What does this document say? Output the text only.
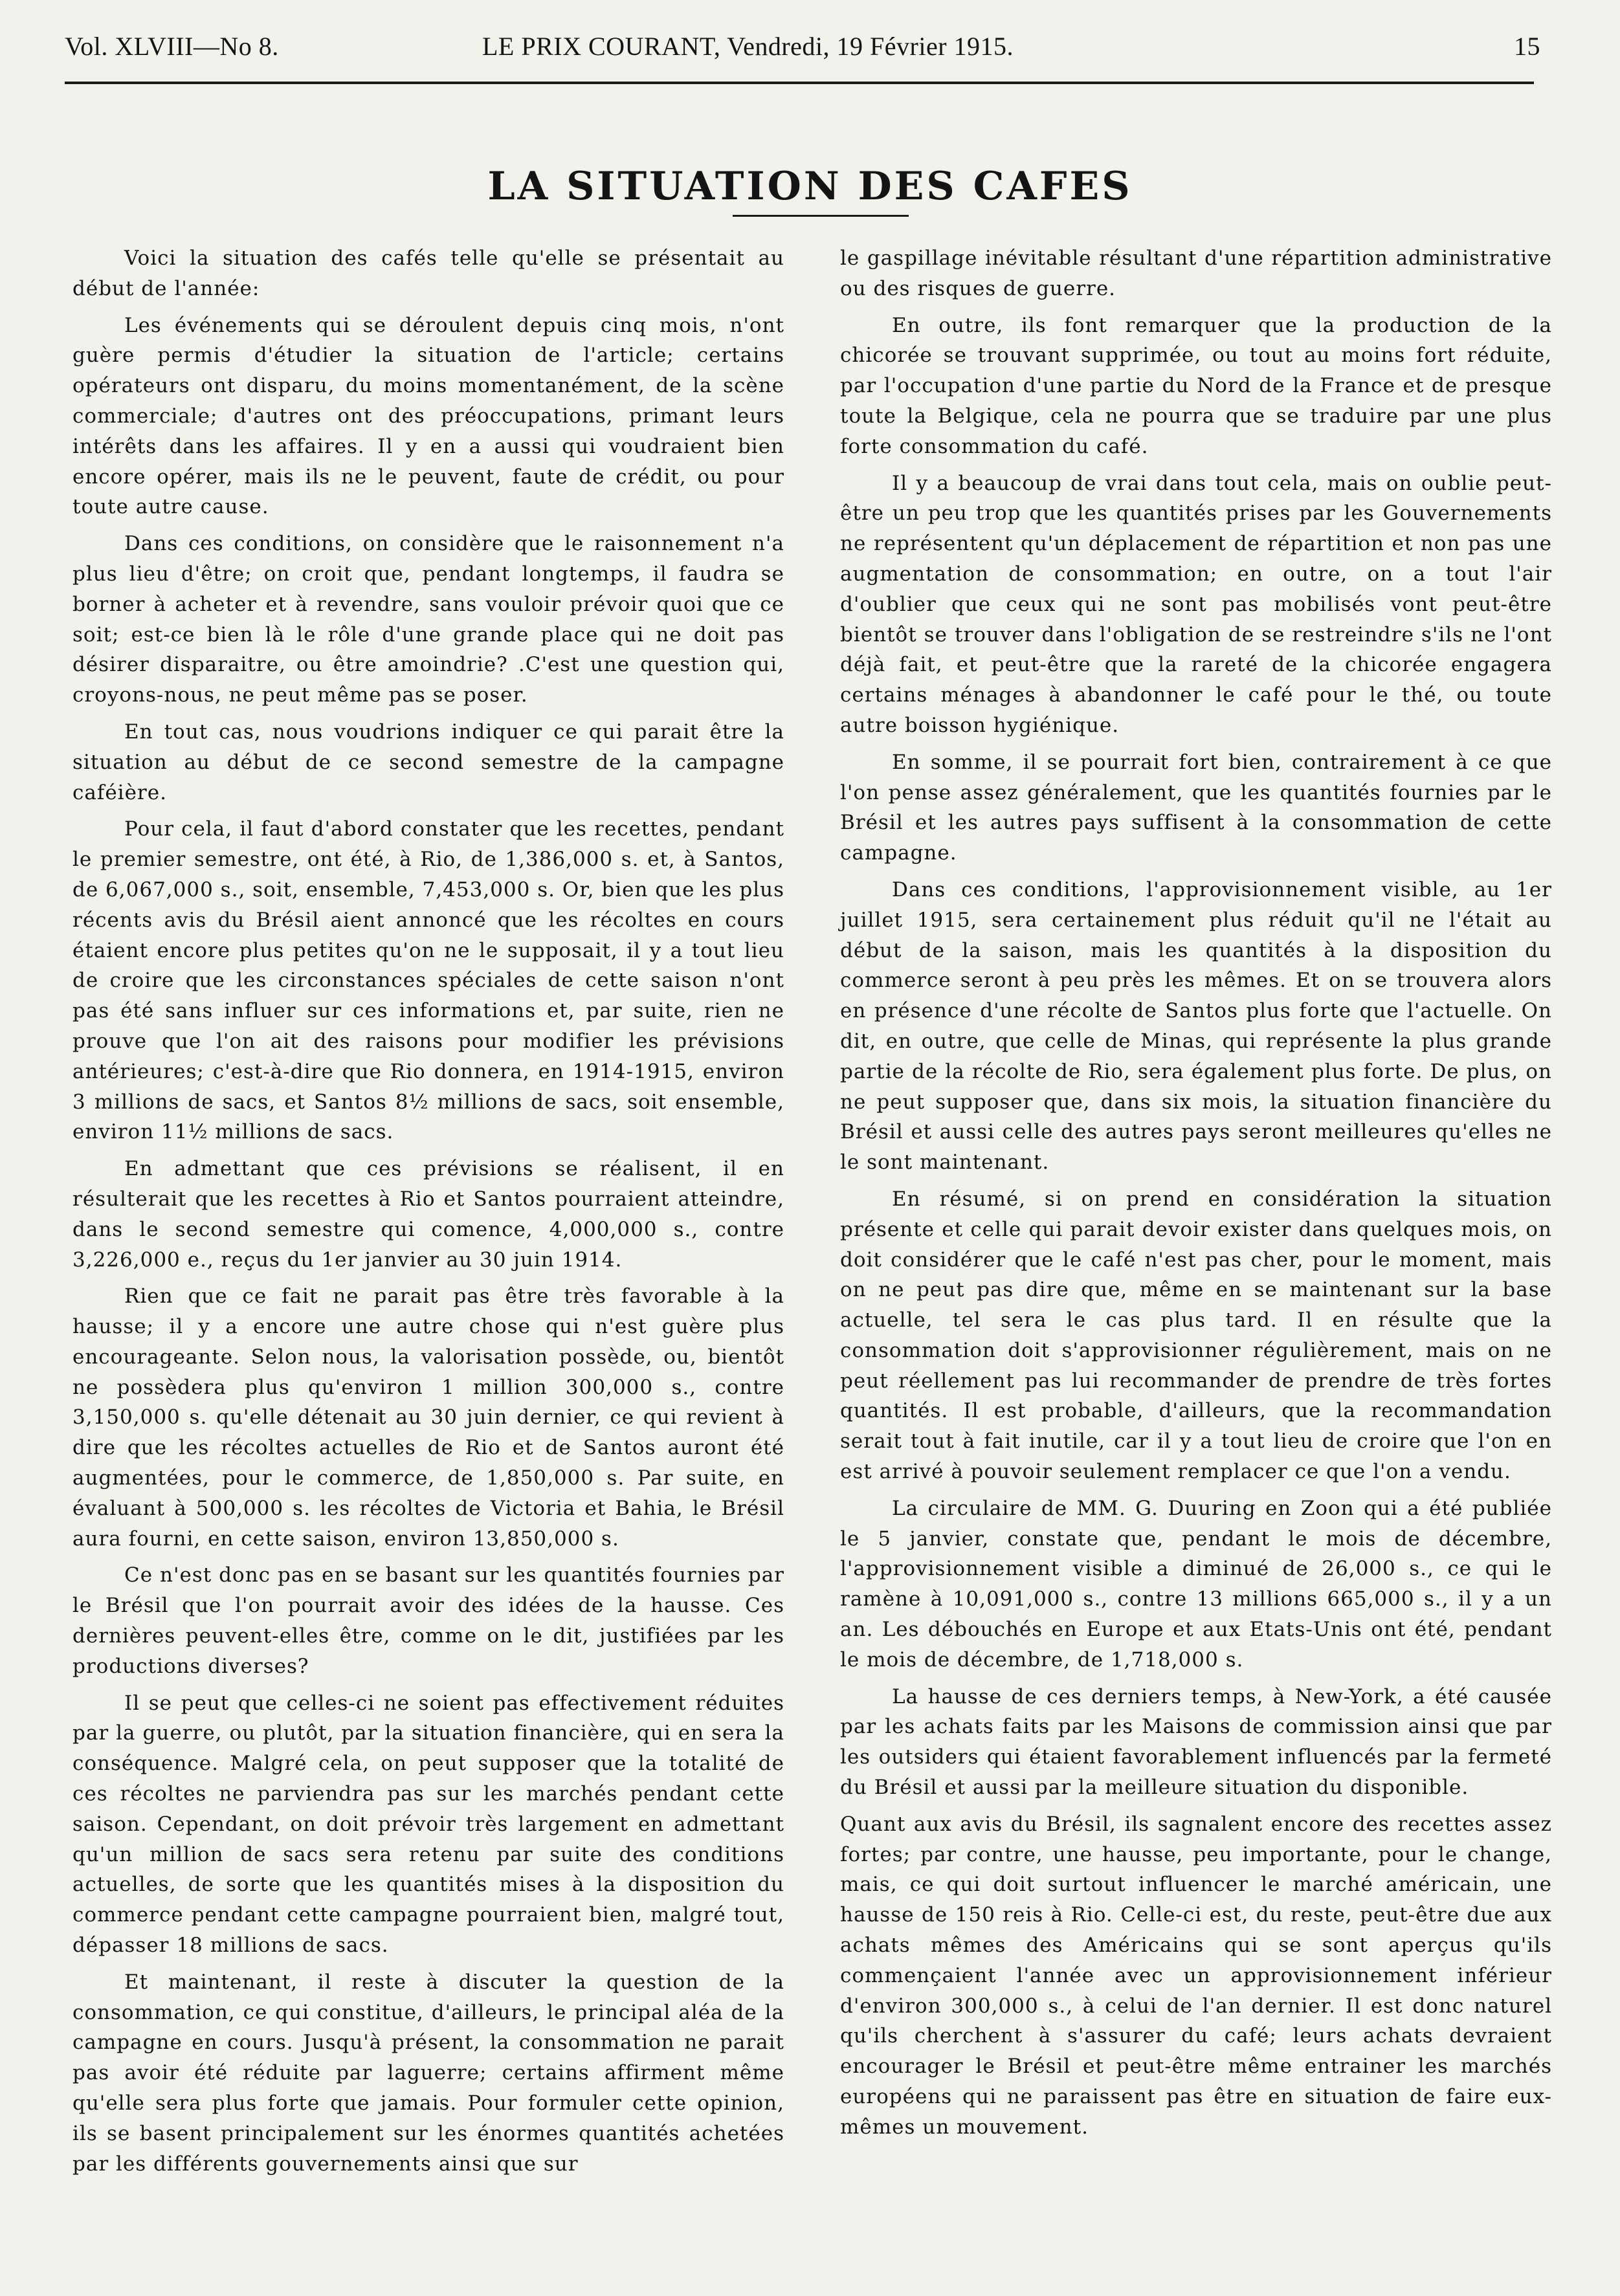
Vol. XLVIII—No 8.	LE PRIX COURANT, Vendredi, 19 Février 1915.	15
LA SITUATION DES CAFES

Voici la situation des cafés telle qu'elle se présentait au début de l'année:

Les événements qui se déroulent depuis cinq mois, n'ont guère permis d'étudier la situation de l'article; certains opérateurs ont disparu, du moins momentanément, de la scène commerciale; d'autres ont des préoccupations, primant leurs intérêts dans les affaires. Il y en a aussi qui voudraient bien encore opérer, mais ils ne le peuvent, faute de crédit, ou pour toute autre cause.

Dans ces conditions, on considère que le raisonnement n'a plus lieu d'être; on croit que, pendant longtemps, il faudra se borner à acheter et à revendre, sans vouloir prévoir quoi que ce soit; est-ce bien là le rôle d'une grande place qui ne doit pas désirer disparaitre, ou être amoindrie? .C'est une question qui, croyons-nous, ne peut même pas se poser.

En tout cas, nous voudrions indiquer ce qui parait être la situation au début de ce second semestre de la campagne caféière.

Pour cela, il faut d'abord constater que les recettes, pendant le premier semestre, ont été, à Rio, de 1,386,000 s. et, à Santos, de 6,067,000 s., soit, ensemble, 7,453,000 s. Or, bien que les plus récents avis du Brésil aient annoncé que les récoltes en cours étaient encore plus petites qu'on ne le supposait, il y a tout lieu de croire que les circonstances spéciales de cette saison n'ont pas été sans influer sur ces informations et, par suite, rien ne prouve que l'on ait des raisons pour modifier les prévisions antérieures; c'est-à-dire que Rio donnera, en 1914-1915, environ 3 millions de sacs, et Santos 8½ millions de sacs, soit ensemble, environ 11½ millions de sacs.

En admettant que ces prévisions se réalisent, il en résulterait que les recettes à Rio et Santos pourraient atteindre, dans le second semestre qui comence, 4,000,000 s., contre 3,226,000 e., reçus du 1er janvier au 30 juin 1914.

Rien que ce fait ne parait pas être très favorable à la hausse; il y a encore une autre chose qui n'est guère plus encourageante. Selon nous, la valorisation possède, ou, bientôt ne possèdera plus qu'environ 1 million 300,000 s., contre 3,150,000 s. qu'elle détenait au 30 juin dernier, ce qui revient à dire que les récoltes actuelles de Rio et de Santos auront été augmentées, pour le commerce, de 1,850,000 s. Par suite, en évaluant à 500,000 s. les récoltes de Victoria et Bahia, le Brésil aura fourni, en cette saison, environ 13,850,000 s.

Ce n'est donc pas en se basant sur les quantités fournies par le Brésil que l'on pourrait avoir des idées de la hausse. Ces dernières peuvent-elles être, comme on le dit, justifiées par les productions diverses?

Il se peut que celles-ci ne soient pas effectivement réduites par la guerre, ou plutôt, par la situation financière, qui en sera la conséquence. Malgré cela, on peut supposer que la totalité de ces récoltes ne parviendra pas sur les marchés pendant cette saison. Cependant, on doit prévoir très largement en admettant qu'un million de sacs sera retenu par suite des conditions actuelles, de sorte que les quantités mises à la disposition du commerce pendant cette campagne pourraient bien, malgré tout, dépasser 18 millions de sacs.

Et maintenant, il reste à discuter la question de la consommation, ce qui constitue, d'ailleurs, le principal aléa de la campagne en cours. Jusqu'à présent, la consommation ne parait pas avoir été réduite par laguerre; certains affirment même qu'elle sera plus forte que jamais. Pour formuler cette opinion, ils se basent principalement sur les énormes quantités achetées par les différents gouvernements ainsi que sur

le gaspillage inévitable résultant d'une répartition administrative ou des risques de guerre.

En outre, ils font remarquer que la production de la chicorée se trouvant supprimée, ou tout au moins fort réduite, par l'occupation d'une partie du Nord de la France et de presque toute la Belgique, cela ne pourra que se traduire par une plus forte consommation du café.

Il y a beaucoup de vrai dans tout cela, mais on oublie peut-être un peu trop que les quantités prises par les Gouvernements ne représentent qu'un déplacement de répartition et non pas une augmentation de consommation; en outre, on a tout l'air d'oublier que ceux qui ne sont pas mobilisés vont peut-être bientôt se trouver dans l'obligation de se restreindre s'ils ne l'ont déjà fait, et peut-être que la rareté de la chicorée engagera certains ménages à abandonner le café pour le thé, ou toute autre boisson hygiénique.

En somme, il se pourrait fort bien, contrairement à ce que l'on pense assez généralement, que les quantités fournies par le Brésil et les autres pays suffisent à la consommation de cette campagne.

Dans ces conditions, l'approvisionnement visible, au 1er juillet 1915, sera certainement plus réduit qu'il ne l'était au début de la saison, mais les quantités à la disposition du commerce seront à peu près les mêmes. Et on se trouvera alors en présence d'une récolte de Santos plus forte que l'actuelle. On dit, en outre, que celle de Minas, qui représente la plus grande partie de la récolte de Rio, sera également plus forte. De plus, on ne peut supposer que, dans six mois, la situation financière du Brésil et aussi celle des autres pays seront meilleures qu'elles ne le sont maintenant.

En résumé, si on prend en considération la situation présente et celle qui parait devoir exister dans quelques mois, on doit considérer que le café n'est pas cher, pour le moment, mais on ne peut pas dire que, même en se maintenant sur la base actuelle, tel sera le cas plus tard. Il en résulte que la consommation doit s'approvisionner régulièrement, mais on ne peut réellement pas lui recommander de prendre de très fortes quantités. Il est probable, d'ailleurs, que la recommandation serait tout à fait inutile, car il y a tout lieu de croire que l'on en est arrivé à pouvoir seulement remplacer ce que l'on a vendu.

La circulaire de MM. G. Duuring en Zoon qui a été publiée le 5 janvier, constate que, pendant le mois de décembre, l'approvisionnement visible a diminué de 26,000 s., ce qui le ramène à 10,091,000 s., contre 13 millions 665,000 s., il y a un an. Les débouchés en Europe et aux Etats-Unis ont été, pendant le mois de décembre, de 1,718,000 s.

La hausse de ces derniers temps, à New-York, a été causée par les achats faits par les Maisons de commission ainsi que par les outsiders qui étaient favorablement influencés par la fermeté du Brésil et aussi par la meilleure situation du disponible.

Quant aux avis du Brésil, ils sagnalent encore des recettes assez fortes; par contre, une hausse, peu importante, pour le change, mais, ce qui doit surtout influencer le marché américain, une hausse de 150 reis à Rio. Celle-ci est, du reste, peut-être due aux achats mêmes des Américains qui se sont aperçus qu'ils commençaient l'année avec un approvisionnement inférieur d'environ 300,000 s., à celui de l'an dernier. Il est donc naturel qu'ils cherchent à s'assurer du café; leurs achats devraient encourager le Brésil et peut-être même entrainer les marchés européens qui ne paraissent pas être en situation de faire eux-mêmes un mouvement.
